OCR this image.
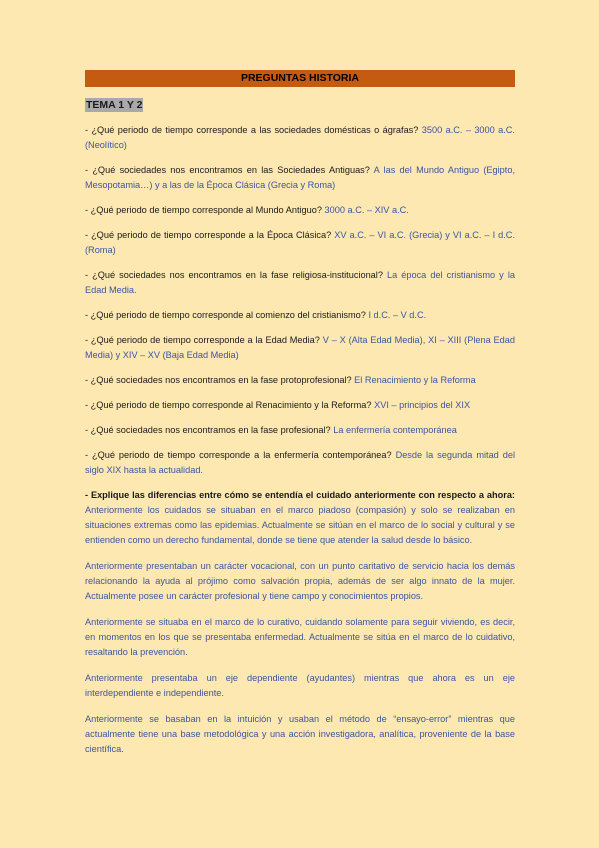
PREGUNTAS HISTORIA
TEMA 1 Y 2
- ¿Qué periodo de tiempo corresponde a las sociedades domésticas o ágrafas? 3500 a.C. – 3000 a.C. (Neolítico)
- ¿Qué sociedades nos encontramos en las Sociedades Antiguas? A las del Mundo Antiguo (Egipto, Mesopotamia…) y a las de la Época Clásica (Grecia y Roma)
- ¿Qué periodo de tiempo corresponde al Mundo Antiguo? 3000 a.C. – XIV a.C.
- ¿Qué periodo de tiempo corresponde a la Época Clásica? XV a.C. – VI a.C. (Grecia) y VI a.C. – I d.C. (Roma)
- ¿Qué sociedades nos encontramos en la fase religiosa-institucional? La época del cristianismo y la Edad Media.
- ¿Qué periodo de tiempo corresponde al comienzo del cristianismo? I d.C. – V d.C.
- ¿Qué periodo de tiempo corresponde a la Edad Media? V – X (Alta Edad Media), XI – XIII (Plena Edad Media) y XIV – XV (Baja Edad Media)
- ¿Qué sociedades nos encontramos en la fase protoprofesional? El Renacimiento y la Reforma
- ¿Qué periodo de tiempo corresponde al Renacimiento y la Reforma? XVI – principios del XIX
- ¿Qué sociedades nos encontramos en la fase profesional? La enfermería contemporánea
- ¿Qué periodo de tiempo corresponde a la enfermería contemporánea? Desde la segunda mitad del siglo XIX hasta la actualidad.
- Explique las diferencias entre cómo se entendía el cuidado anteriormente con respecto a ahora: Anteriormente los cuidados se situaban en el marco piadoso (compasión) y solo se realizaban en situaciones extremas como las epidemias. Actualmente se sitúan en el marco de lo social y cultural y se entienden como un derecho fundamental, donde se tiene que atender la salud desde lo básico.
Anteriormente presentaban un carácter vocacional, con un punto caritativo de servicio hacia los demás relacionando la ayuda al prójimo como salvación propia, además de ser algo innato de la mujer. Actualmente posee un carácter profesional y tiene campo y conocimientos propios.
Anteriormente se situaba en el marco de lo curativo, cuidando solamente para seguir viviendo, es decir, en momentos en los que se presentaba enfermedad. Actualmente se sitúa en el marco de lo cuidativo, resaltando la prevención.
Anteriormente presentaba un eje dependiente (ayudantes) mientras que ahora es un eje interdependiente e independiente.
Anteriormente se basaban en la intuición y usaban el método de “ensayo-error” mientras que actualmente tiene una base metodológica y una acción investigadora, analítica, proveniente de la base científica.
